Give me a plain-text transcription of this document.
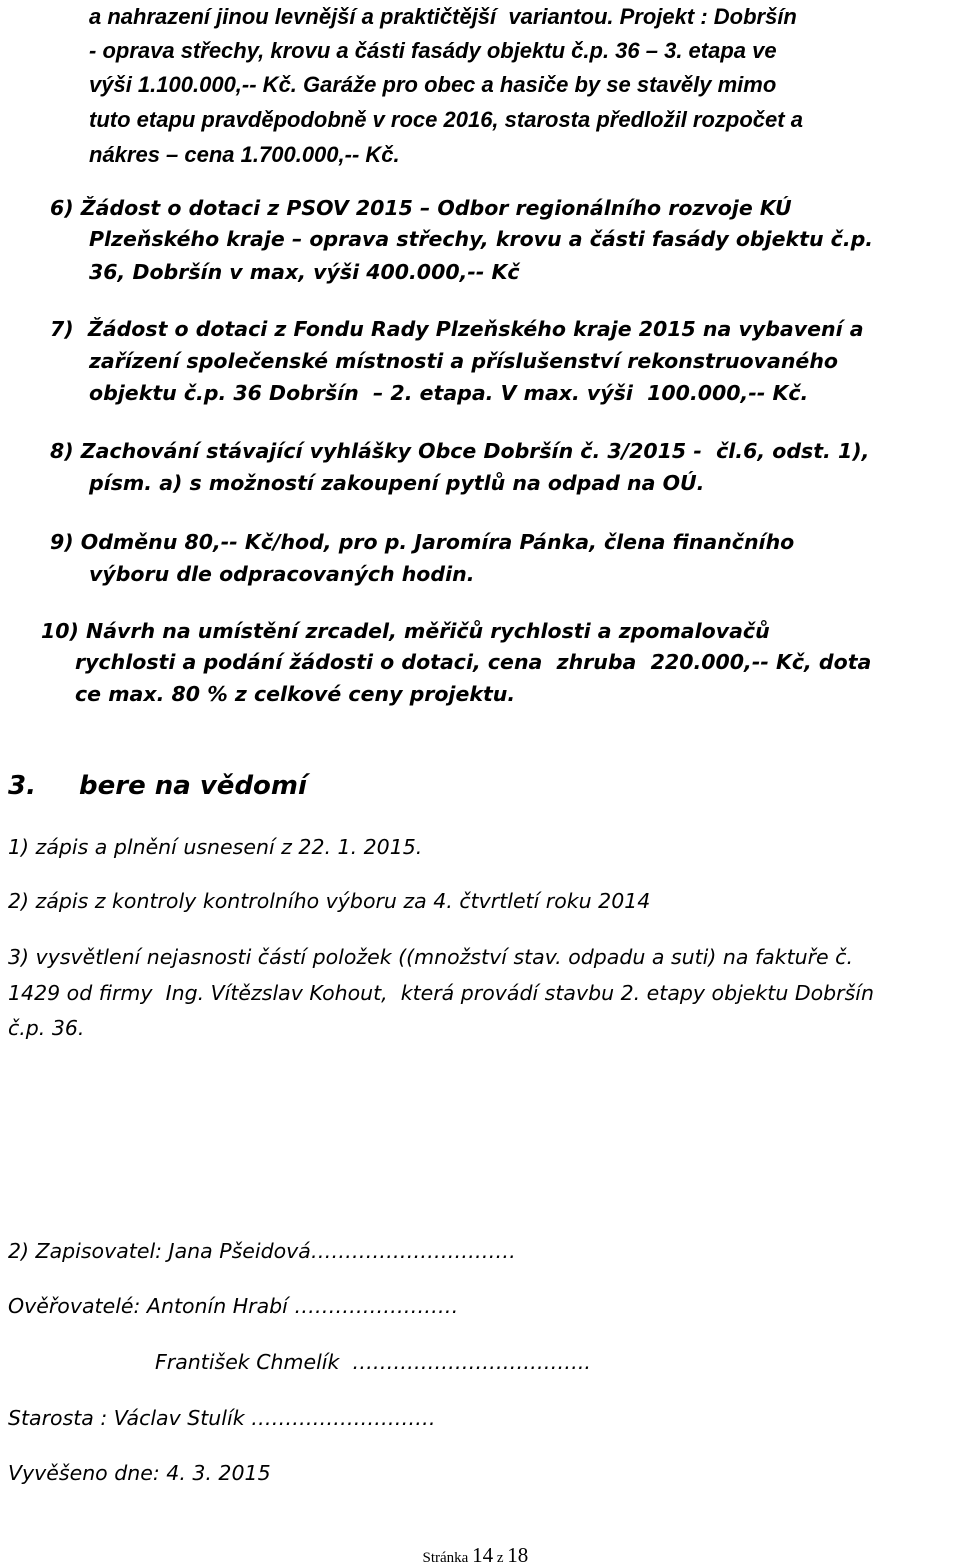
a nahrazení jinou levnější a praktičtější  variantou. Projekt : Dobršín
- oprava střechy, krovu a části fasády objektu č.p. 36 – 3. etapa ve
výši 1.100.000,-- Kč. Garáže pro obec a hasiče by se stavěly mimo
tuto etapu pravděpodobně v roce 2016, starosta předložil rozpočet a
nákres – cena 1.700.000,-- Kč.
6) Žádost o dotaci z PSOV 2015 – Odbor regionálního rozvoje KÚ
Plzeňského kraje – oprava střechy, krovu a části fasády objektu č.p.
36, Dobršín v max, výši 400.000,-- Kč
7)  Žádost o dotaci z Fondu Rady Plzeňského kraje 2015 na vybavení a
zařízení společenské místnosti a příslušenství rekonstruovaného
objektu č.p. 36 Dobršín  – 2. etapa. V max. výši  100.000,-- Kč.
8) Zachování stávající vyhlášky Obce Dobršín č. 3/2015 -  čl.6, odst. 1),
písm. a) s možností zakoupení pytlů na odpad na OÚ.
9) Odměnu 80,-- Kč/hod, pro p. Jaromíra Pánka, člena finančního
výboru dle odpracovaných hodin.
10) Návrh na umístění zrcadel, měřičů rychlosti a zpomalovačů
rychlosti a podání žádosti o dotaci, cena  zhruba  220.000,-- Kč, dota
ce max. 80 % z celkové ceny projektu.
3. bere na vědomí
1) zápis a plnění usnesení z 22. 1. 2015.
2) zápis z kontroly kontrolního výboru za 4. čtvrtletí roku 2014
3) vysvětlení nejasnosti částí položek ((množství stav. odpadu a suti) na faktuře č.
1429 od firmy  Ing. Vítězslav Kohout,  která provádí stavbu 2. etapy objektu Dobršín
č.p. 36.
2) Zapisovatel: Jana Pšeidová…………………………
Ověřovatelé: Antonín Hrabí ……………………
František Chmelík  ……………………………..
Starosta : Václav Stulík ………………………
Vyvěšeno dne: 4. 3. 2015

Stránka 14 z 18
